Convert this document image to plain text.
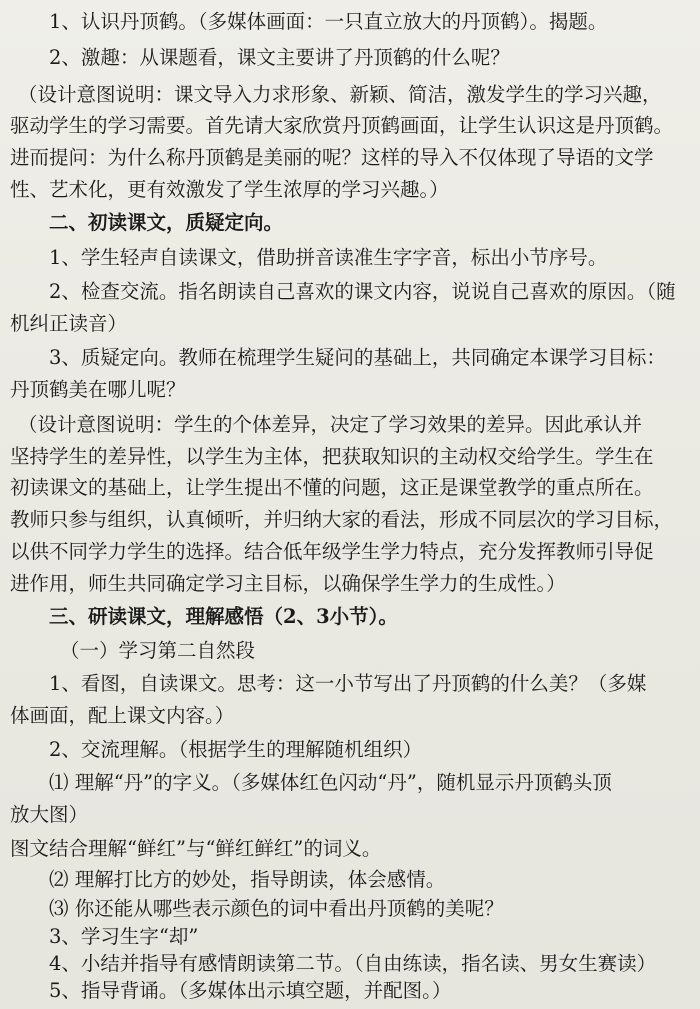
1、认识丹顶鹤。（多媒体画面：一只直立放大的丹顶鹤）。揭题。
2、激趣：从课题看，课文主要讲了丹顶鹤的什么呢？
（设计意图说明：课文导入力求形象、新颖、简洁，激发学生的学习兴趣，
驱动学生的学习需要。首先请大家欣赏丹顶鹤画面，让学生认识这是丹顶鹤。
进而提问：为什么称丹顶鹤是美丽的呢？这样的导入不仅体现了导语的文学
性、艺术化，更有效激发了学生浓厚的学习兴趣。）
二、初读课文，质疑定向。
1、学生轻声自读课文，借助拼音读准生字字音，标出小节序号。
2、检查交流。指名朗读自己喜欢的课文内容，说说自己喜欢的原因。（随
机纠正读音）
3、质疑定向。教师在梳理学生疑问的基础上，共同确定本课学习目标：
丹顶鹤美在哪儿呢？
（设计意图说明：学生的个体差异，决定了学习效果的差异。因此承认并
坚持学生的差异性，以学生为主体，把获取知识的主动权交给学生。学生在
初读课文的基础上，让学生提出不懂的问题，这正是课堂教学的重点所在。
教师只参与组织，认真倾听，并归纳大家的看法，形成不同层次的学习目标，
以供不同学力学生的选择。结合低年级学生学力特点，充分发挥教师引导促
进作用，师生共同确定学习主目标，以确保学生学力的生成性。）
三、研读课文，理解感悟（2、3小节）。
（一）学习第二自然段
1、看图，自读课文。思考：这一小节写出了丹顶鹤的什么美？（多媒
体画面，配上课文内容。）
2、交流理解。（根据学生的理解随机组织）
⑴ 理解“丹”的字义。（多媒体红色闪动“丹”，随机显示丹顶鹤头顶
放大图）
图文结合理解“鲜红”与“鲜红鲜红”的词义。
⑵ 理解打比方的妙处，指导朗读，体会感情。
⑶ 你还能从哪些表示颜色的词中看出丹顶鹤的美呢？
3、学习生字“却”
4、小结并指导有感情朗读第二节。（自由练读，指名读、男女生赛读）
5、指导背诵。（多媒体出示填空题，并配图。）
